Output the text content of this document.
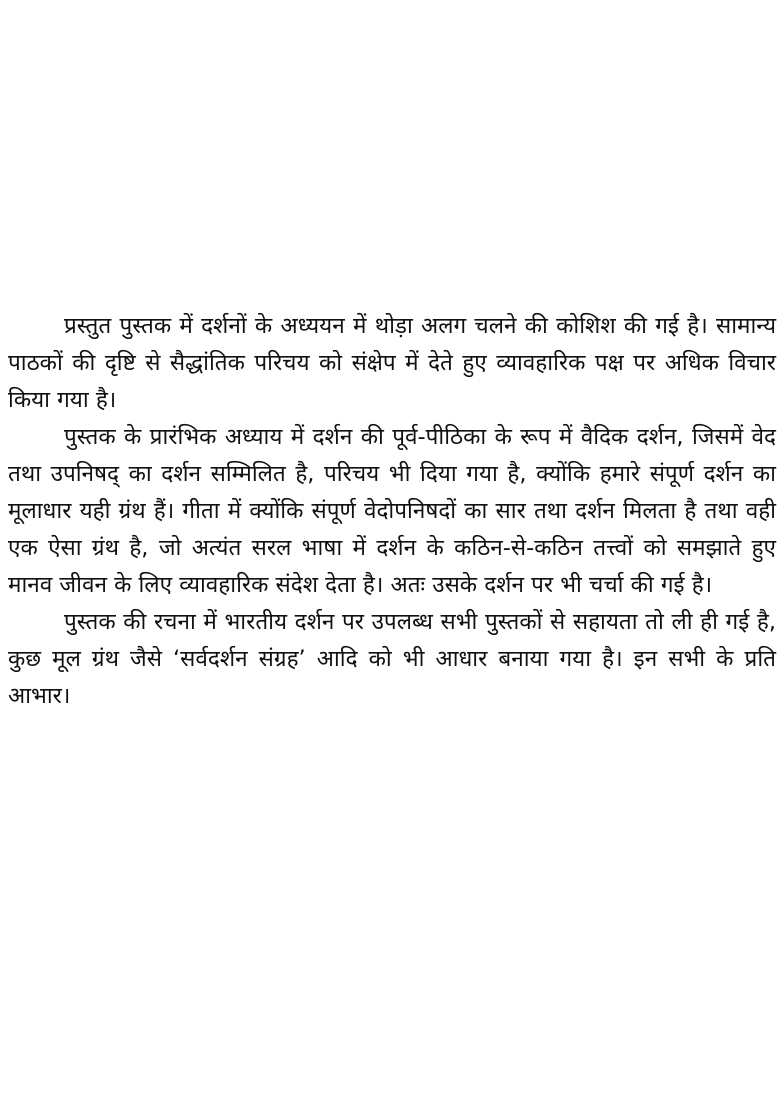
प्रस्तुत पुस्तक में दर्शनों के अध्ययन में थोड़ा अलग चलने की कोशिश की गई है। सामान्य पाठकों की दृष्टि से सैद्धांतिक परिचय को संक्षेप में देते हुए व्यावहारिक पक्ष पर अधिक विचार किया गया है।

पुस्तक के प्रारंभिक अध्याय में दर्शन की पूर्व-पीठिका के रूप में वैदिक दर्शन, जिसमें वेद तथा उपनिषद् का दर्शन सम्मिलित है, परिचय भी दिया गया है, क्योंकि हमारे संपूर्ण दर्शन का मूलाधार यही ग्रंथ हैं। गीता में क्योंकि संपूर्ण वेदोपनिषदों का सार तथा दर्शन मिलता है तथा वही एक ऐसा ग्रंथ है, जो अत्यंत सरल भाषा में दर्शन के कठिन-से-कठिन तत्त्वों को समझाते हुए मानव जीवन के लिए व्यावहारिक संदेश देता है। अतः उसके दर्शन पर भी चर्चा की गई है।

पुस्तक की रचना में भारतीय दर्शन पर उपलब्ध सभी पुस्तकों से सहायता तो ली ही गई है, कुछ मूल ग्रंथ जैसे ‘सर्वदर्शन संग्रह’ आदि को भी आधार बनाया गया है। इन सभी के प्रति आभार।
